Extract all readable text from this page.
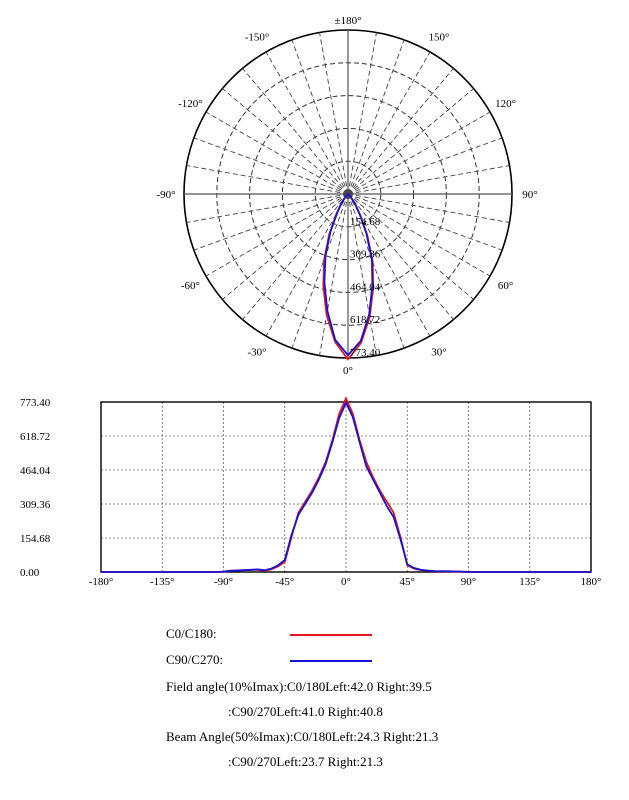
±180°
-150°	150°
-120°	120°
-90°	90°
-60°	60°
-30°	30°
0°
154.68
309.36
464.04
618.72
773.40
-180°	-135°	-90°	-45°	0°	45°	90°	135°	180°
0.00
154.68
309.36
464.04
618.72
773.40
C0/C180:
C90/C270:
Field angle(10%Imax):C0/180Left:42.0 Right:39.5
:C90/270Left:41.0 Right:40.8
Beam Angle(50%Imax):C0/180Left:24.3 Right:21.3
:C90/270Left:23.7 Right:21.3
